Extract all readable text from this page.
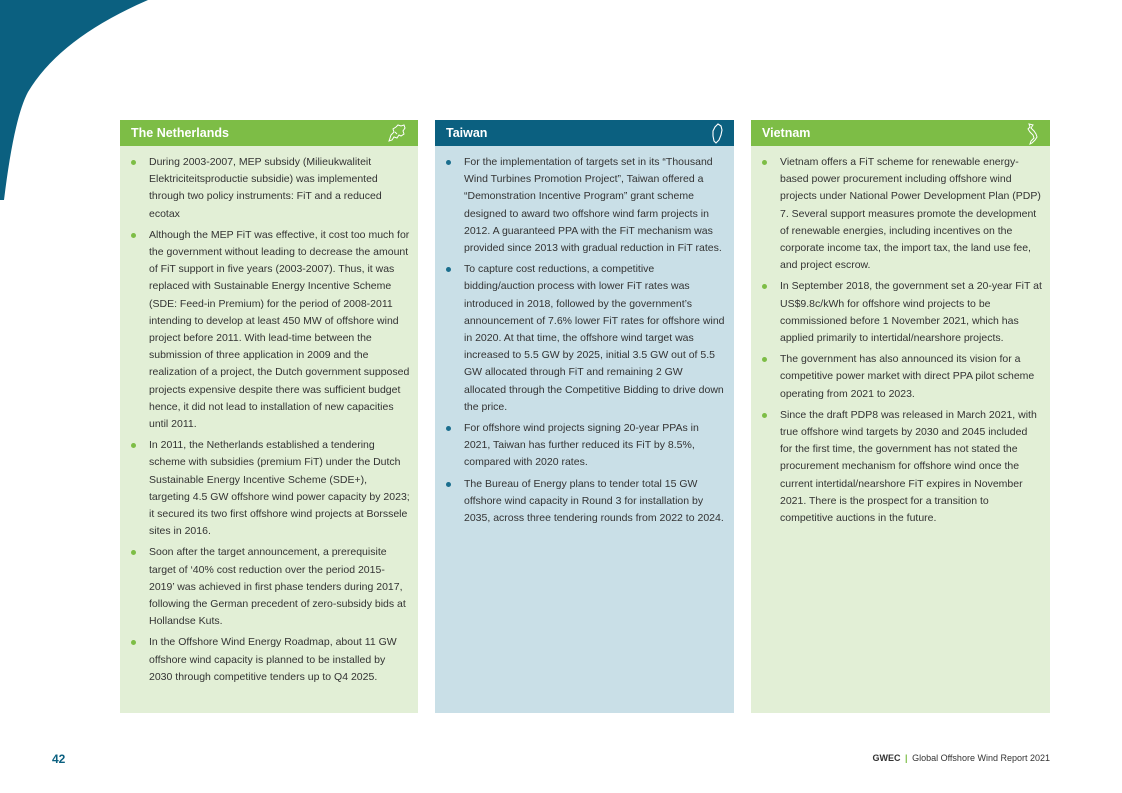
The Netherlands
During 2003-2007, MEP subsidy (Milieukwaliteit Elektriciteitsproductie subsidie) was implemented through two policy instruments: FiT and a reduced ecotax
Although the MEP FiT was effective, it cost too much for the government without leading to decrease the amount of FiT support in five years (2003-2007). Thus, it was replaced with Sustainable Energy Incentive Scheme (SDE: Feed-in Premium) for the period of 2008-2011 intending to develop at least 450 MW of offshore wind project before 2011. With lead-time between the submission of three application in 2009 and the realization of a project, the Dutch government supposed projects expensive despite there was sufficient budget hence, it did not lead to installation of new capacities until 2011.
In 2011, the Netherlands established a tendering scheme with subsidies (premium FiT) under the Dutch Sustainable Energy Incentive Scheme (SDE+), targeting 4.5 GW offshore wind power capacity by 2023; it secured its two first offshore wind projects at Borssele sites in 2016.
Soon after the target announcement, a prerequisite target of ‘40% cost reduction over the period 2015-2019’ was achieved in first phase tenders during 2017, following the German precedent of zero-subsidy bids at Hollandse Kuts.
In the Offshore Wind Energy Roadmap, about 11 GW offshore wind capacity is planned to be installed by 2030 through competitive tenders up to Q4 2025.
Taiwan
For the implementation of targets set in its “Thousand Wind Turbines Promotion Project”, Taiwan offered a “Demonstration Incentive Program” grant scheme designed to award two offshore wind farm projects in 2012. A guaranteed PPA with the FiT mechanism was provided since 2013 with gradual reduction in FiT rates.
To capture cost reductions, a competitive bidding/auction process with lower FiT rates was introduced in 2018, followed by the government’s announcement of 7.6% lower FiT rates for offshore wind in 2020. At that time, the offshore wind target was increased to 5.5 GW by 2025, initial 3.5 GW out of 5.5 GW allocated through FiT and remaining 2 GW allocated through the Competitive Bidding to drive down the price.
For offshore wind projects signing 20-year PPAs in 2021, Taiwan has further reduced its FiT by 8.5%, compared with 2020 rates.
The Bureau of Energy plans to tender total 15 GW offshore wind capacity in Round 3 for installation by 2035, across three tendering rounds from 2022 to 2024.
Vietnam
Vietnam offers a FiT scheme for renewable energy-based power procurement including offshore wind projects under National Power Development Plan (PDP) 7. Several support measures promote the development of renewable energies, including incentives on the corporate income tax, the import tax, the land use fee, and project escrow.
In September 2018, the government set a 20-year FiT at US$9.8c/kWh for offshore wind projects to be commissioned before 1 November 2021, which has applied primarily to intertidal/nearshore projects.
The government has also announced its vision for a competitive power market with direct PPA pilot scheme operating from 2021 to 2023.
Since the draft PDP8 was released in March 2021, with true offshore wind targets by 2030 and 2045 included for the first time, the government has not stated the procurement mechanism for offshore wind once the current intertidal/nearshore FiT expires in November 2021. There is the prospect for a transition to competitive auctions in the future.
42	GWEC | Global Offshore Wind Report 2021
